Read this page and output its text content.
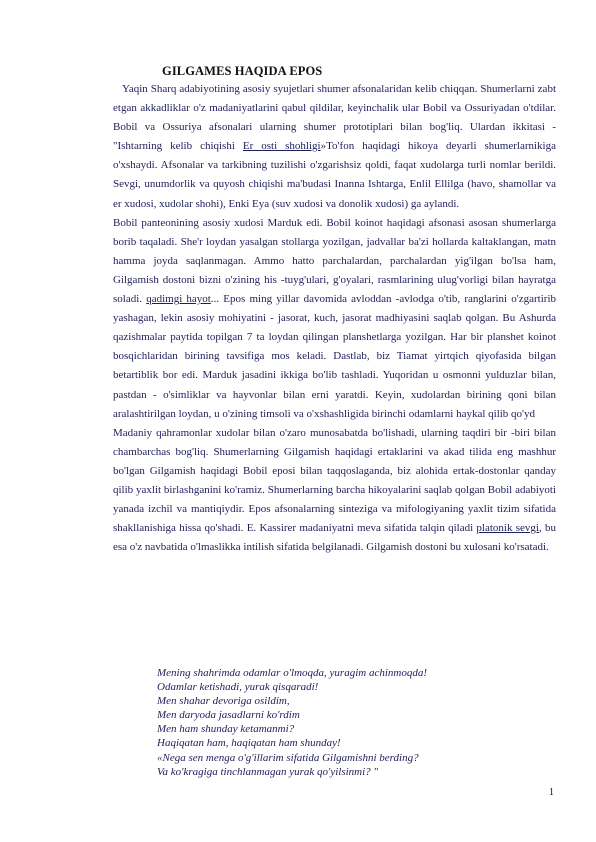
GILGAMES HAQIDA EPOS

Yaqin Sharq adabiyotining asosiy syujetlari shumer afsonalaridan kelib chiqqan. Shumerlarni zabt etgan akkadliklar o'z madaniyatlarini qabul qildilar, keyinchalik ular Bobil va Ossuriyadan o'tdilar. Bobil va Ossuriya afsonalari ularning shumer prototiplari bilan bog'liq. Ulardan ikkitasi - "Ishtarning kelib chiqishi Er osti shohligi»To'fon haqidagi hikoya deyarli shumerlarnikiga o'xshaydi. Afsonalar va tarkibning tuzilishi o'zgarishsiz qoldi, faqat xudolarga turli nomlar berildi. Sevgi, unumdorlik va quyosh chiqishi ma'budasi Inanna Ishtarga, Enlil Ellilga (havo, shamollar va er xudosi, xudolar shohi), Enki Eya (suv xudosi va donolik xudosi) ga aylandi.

Bobil panteonining asosiy xudosi Marduk edi. Bobil koinot haqidagi afsonasi asosan shumerlarga borib taqaladi. She'r loydan yasalgan stollarga yozilgan, jadvallar ba'zi hollarda kaltaklangan, matn hamma joyda saqlanmagan. Ammo hatto parchalardan, parchalardan yig'ilgan bo'lsa ham, Gilgamish dostoni bizni o'zining his -tuyg'ulari, g'oyalari, rasmlarining ulug'vorligi bilan hayratga soladi. qadimgi hayot... Epos ming yillar davomida avloddan -avlodga o'tib, ranglarini o'zgartirib yashagan, lekin asosiy mohiyatini - jasorat, kuch, jasorat madhiyasini saqlab qolgan. Bu Ashurda qazishmalar paytida topilgan 7 ta loydan qilingan planshetlarga yozilgan. Har bir planshet koinot bosqichlaridan birining tavsifiga mos keladi. Dastlab, biz Tiamat yirtqich qiyofasida bilgan betartiblik bor edi. Marduk jasadini ikkiga bo'lib tashladi. Yuqoridan u osmonni yulduzlar bilan, pastdan - o'simliklar va hayvonlar bilan erni yaratdi. Keyin, xudolardan birining qoni bilan aralashtirilgan loydan, u o'zining timsoli va o'xshashligida birinchi odamlarni haykal qilib qo'yd

Madaniy qahramonlar xudolar bilan o'zaro munosabatda bo'lishadi, ularning taqdiri bir -biri bilan chambarchas bog'liq. Shumerlarning Gilgamish haqidagi ertaklarini va akad tilida eng mashhur bo'lgan Gilgamish haqidagi Bobil eposi bilan taqqoslaganda, biz alohida ertak-dostonlar qanday qilib yaxlit birlashganini ko'ramiz. Shumerlarning barcha hikoyalarini saqlab qolgan Bobil adabiyoti yanada izchil va mantiqiydir. Epos afsonalarning sinteziga va mifologiyaning yaxlit tizim sifatida shakllanishiga hissa qo'shadi. E. Kassirer madaniyatni meva sifatida talqin qiladi platonik sevgi, bu esa o'z navbatida o'lmaslikka intilish sifatida belgilanadi. Gilgamish dostoni bu xulosani ko'rsatadi.

Mening shahrimda odamlar o'lmoqda, yuragim achinmoqda!
Odamlar ketishadi, yurak qisqaradi!
Men shahar devoriga osildim,
Men daryoda jasadlarni ko'rdim
Men ham shunday ketamanmi?
Haqiqatan ham, haqiqatan ham shunday!
«Nega sen menga o'g'illarim sifatida Gilgamishni berding?
Va ko'kragiga tinchlanmagan yurak qo'yilsinmi? "
1
